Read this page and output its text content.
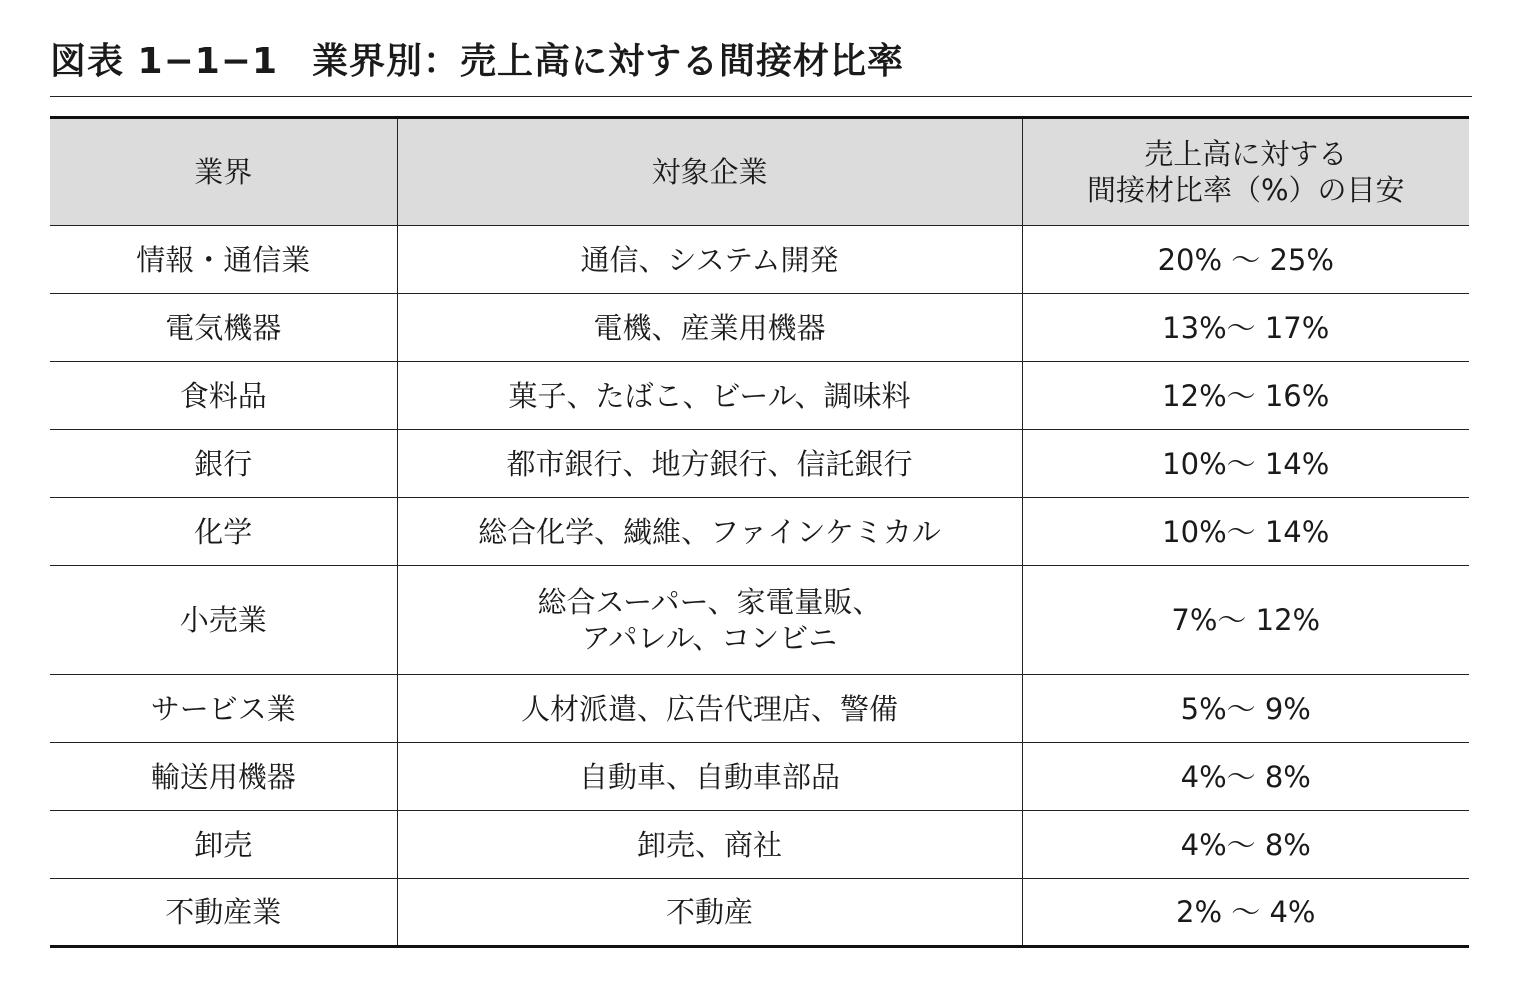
図表 1−1−1 業界別：売上高に対する間接材比率
業界	対象企業	売上高に対する
間接材比率（%）の目安

情報・通信業	通信、システム開発	20% 〜 25%
電気機器	電機、産業用機器	13%〜 17%
食料品	菓子、たばこ、ビール、調味料	12%〜 16%
銀行	都市銀行、地方銀行、信託銀行	10%〜 14%
化学	総合化学、繊維、ファインケミカル	10%〜 14%
小売業	総合スーパー、家電量販、
アパレル、コンビニ	7%〜 12%
サービス業	人材派遣、広告代理店、警備	5%〜 9%
輸送用機器	自動車、自動車部品	4%〜 8%
卸売	卸売、商社	4%〜 8%
不動産業	不動産	2% 〜 4%
